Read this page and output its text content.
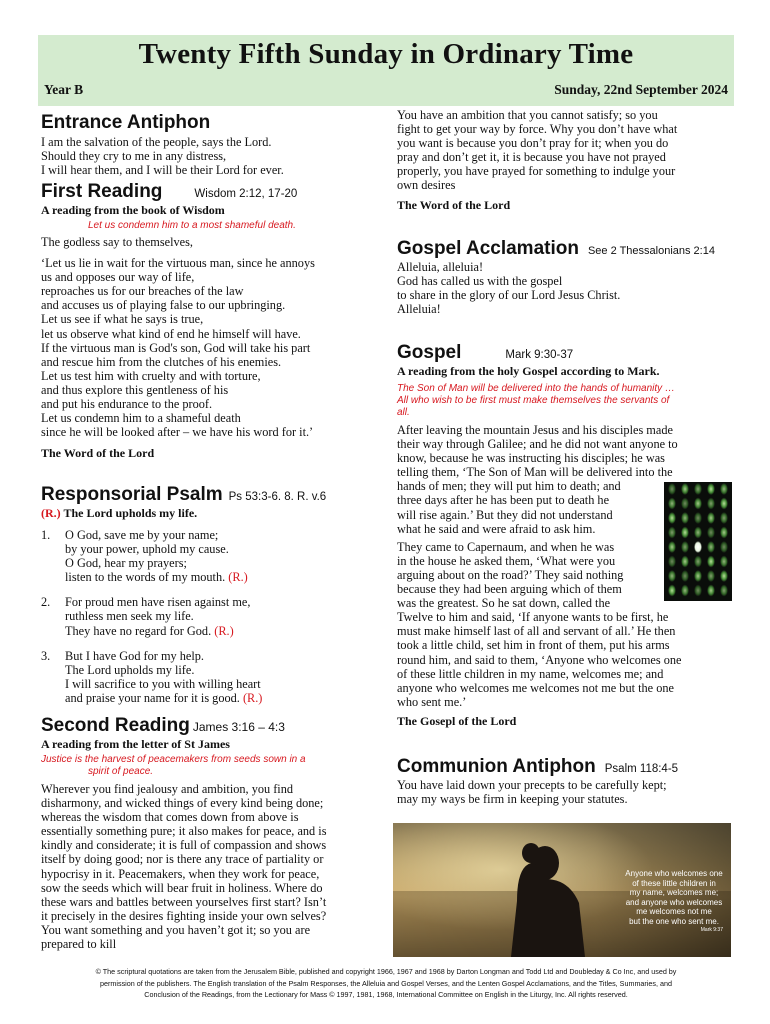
Twenty Fifth Sunday in Ordinary Time
Year B	Sunday, 22nd September 2024
Entrance Antiphon
I am the salvation of the people, says the Lord.
Should they cry to me in any distress,
I will hear them, and I will be their Lord for ever.
First Reading	Wisdom 2:12, 17-20
A reading from the book of Wisdom
Let us condemn him to a most shameful death.
The godless say to themselves,
‘Let us lie in wait for the virtuous man, since he annoys
us and opposes our way of life,
reproaches us for our breaches of the law
and accuses us of playing false to our upbringing.
Let us see if what he says is true,
let us observe what kind of end he himself will have.
If the virtuous man is God's son, God will take his part
and rescue him from the clutches of his enemies.
Let us test him with cruelty and with torture,
and thus explore this gentleness of his
and put his endurance to the proof.
Let us condemn him to a shameful death
since he will be looked after – we have his word for it.’
The Word of the Lord
Responsorial Psalm Ps 53:3-6. 8. R. v.6
(R.) The Lord upholds my life.
1. O God, save me by your name;
by your power, uphold my cause.
O God, hear my prayers;
listen to the words of my mouth. (R.)
2. For proud men have risen against me,
ruthless men seek my life.
They have no regard for God. (R.)
3. But I have God for my help.
The Lord upholds my life.
I will sacrifice to you with willing heart
and praise your name for it is good. (R.)
Second Reading James 3:16 – 4:3
A reading from the letter of St James
Justice is the harvest of peacemakers from seeds sown in a
spirit of peace.
Wherever you find jealousy and ambition, you find
disharmony, and wicked things of every kind being done;
whereas the wisdom that comes down from above is
essentially something pure; it also makes for peace, and is
kindly and considerate; it is full of compassion and shows
itself by doing good; nor is there any trace of partiality or
hypocrisy in it. Peacemakers, when they work for peace,
sow the seeds which will bear fruit in holiness. Where do
these wars and battles between yourselves first start? Isn’t
it precisely in the desires fighting inside your own selves?
You want something and you haven’t got it; so you are
prepared to kill
You have an ambition that you cannot satisfy; so you
fight to get your way by force. Why you don’t have what
you want is because you don’t pray for it; when you do
pray and don’t get it, it is because you have not prayed
properly, you have prayed for something to indulge your
own desires
The Word of the Lord
Gospel Acclamation See 2 Thessalonians 2:14
Alleluia, alleluia!
God has called us with the gospel
to share in the glory of our Lord Jesus Christ.
Alleluia!
Gospel	Mark 9:30-37
A reading from the holy Gospel according to Mark.
The Son of Man will be delivered into the hands of humanity …
All who wish to be first must make themselves the servants of
all.
After leaving the mountain Jesus and his disciples made
their way through Galilee; and he did not want anyone to
know, because he was instructing his disciples; he was
telling them, ‘The Son of Man will be delivered into the
hands of men; they will put him to death; and
three days after he has been put to death he
will rise again.’ But they did not understand
what he said and were afraid to ask him.
They came to Capernaum, and when he was
in the house he asked them, ‘What were you
arguing about on the road?’ They said nothing
because they had been arguing which of them
was the greatest. So he sat down, called the
Twelve to him and said, ‘If anyone wants to be first, he
must make himself last of all and servant of all.’ He then
took a little child, set him in front of them, put his arms
round him, and said to them, ‘Anyone who welcomes one
of these little children in my name, welcomes me; and
anyone who welcomes me welcomes not me but the one
who sent me.’
The Gosepl of the Lord
Communion Antiphon Psalm 118:4-5
You have laid down your precepts to be carefully kept;
may my ways be firm in keeping your statutes.
Anyone who welcomes one
of these little children in
my name, welcomes me;
and anyone who welcomes
me welcomes not me
but the one who sent me.
Mark 9:37
© The scriptural quotations are taken from the Jerusalem Bible, published and copyright 1966, 1967 and 1968 by Darton Longman and Todd Ltd and Doubleday & Co Inc, and used by
permission of the publishers. The English translation of the Psalm Responses, the Alleluia and Gospel Verses, and the Lenten Gospel Acclamations, and the Titles, Summaries, and
Conclusion of the Readings, from the Lectionary for Mass © 1997, 1981, 1968, International Committee on English in the Liturgy, Inc. All rights reserved.
